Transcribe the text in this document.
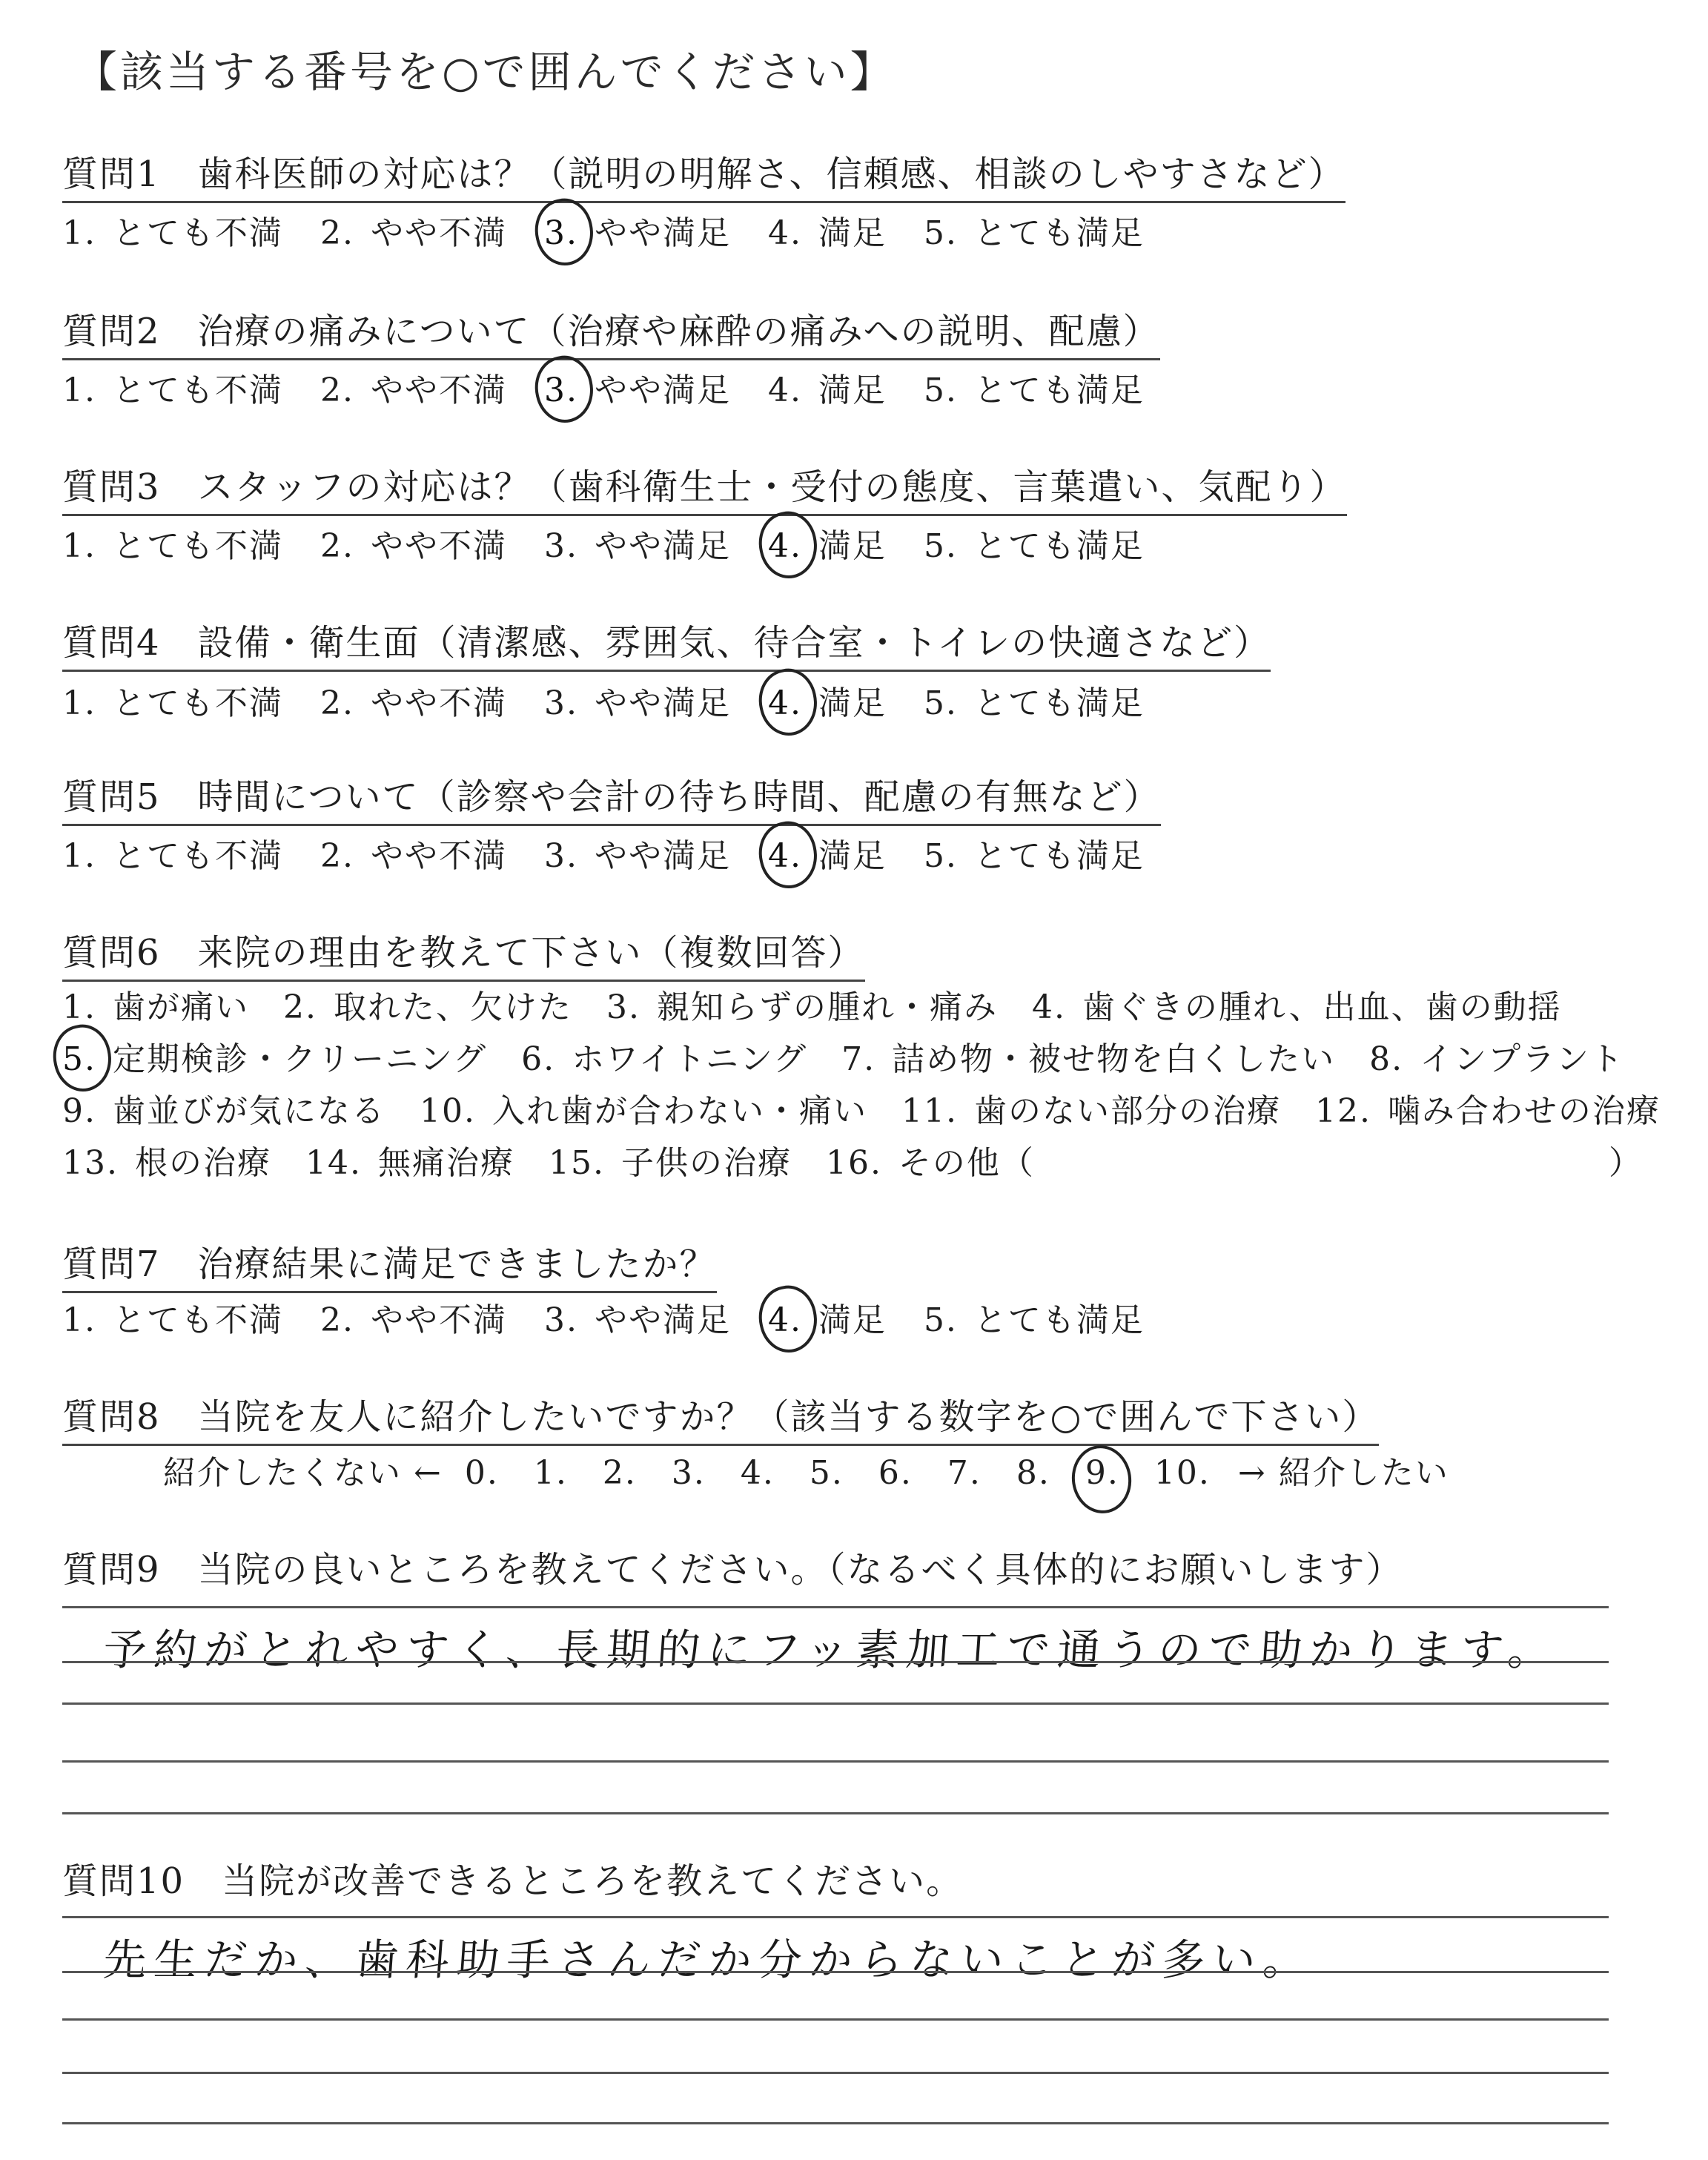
【該当する番号を○で囲んでください】
質問1　歯科医師の対応は？（説明の明解さ、信頼感、相談のしやすさなど）
1. とても不満 2. やや不満 3. やや満足 4. 満足 5. とても満足
質問2　治療の痛みについて（治療や麻酔の痛みへの説明、配慮）
1. とても不満 2. やや不満 3. やや満足 4. 満足 5. とても満足
質問3　スタッフの対応は？（歯科衛生士・受付の態度、言葉遣い、気配り）
1. とても不満 2. やや不満 3. やや満足 4. 満足 5. とても満足
質問4　設備・衛生面（清潔感、雰囲気、待合室・トイレの快適さなど）
1. とても不満 2. やや不満 3. やや満足 4. 満足 5. とても満足
質問5　時間について（診察や会計の待ち時間、配慮の有無など）
1. とても不満 2. やや不満 3. やや満足 4. 満足 5. とても満足
質問6　来院の理由を教えて下さい（複数回答）
1. 歯が痛い 2. 取れた、欠けた 3. 親知らずの腫れ・痛み 4. 歯ぐきの腫れ、出血、歯の動揺
5. 定期検診・クリーニング 6. ホワイトニング 7. 詰め物・被せ物を白くしたい 8. インプラント
9. 歯並びが気になる 10. 入れ歯が合わない・痛い 11. 歯のない部分の治療 12. 噛み合わせの治療
13. 根の治療 14. 無痛治療 15. 子供の治療 16. その他（	）
質問7　治療結果に満足できましたか？
1. とても不満 2. やや不満 3. やや満足 4. 満足 5. とても満足
質問8　当院を友人に紹介したいですか？（該当する数字を○で囲んで下さい）
紹介したくない ← 0.	1.	2.	3.	4.	5.	6.	7.	8.	9.	10. → 紹介したい
質問9　当院の良いところを教えてください。（なるべく具体的にお願いします）
予約がとれやすく、長期的にフッ素加工で通うので助かります。
質問10　当院が改善できるところを教えてください。
先生だか、歯科助手さんだか分からないことが多い。
